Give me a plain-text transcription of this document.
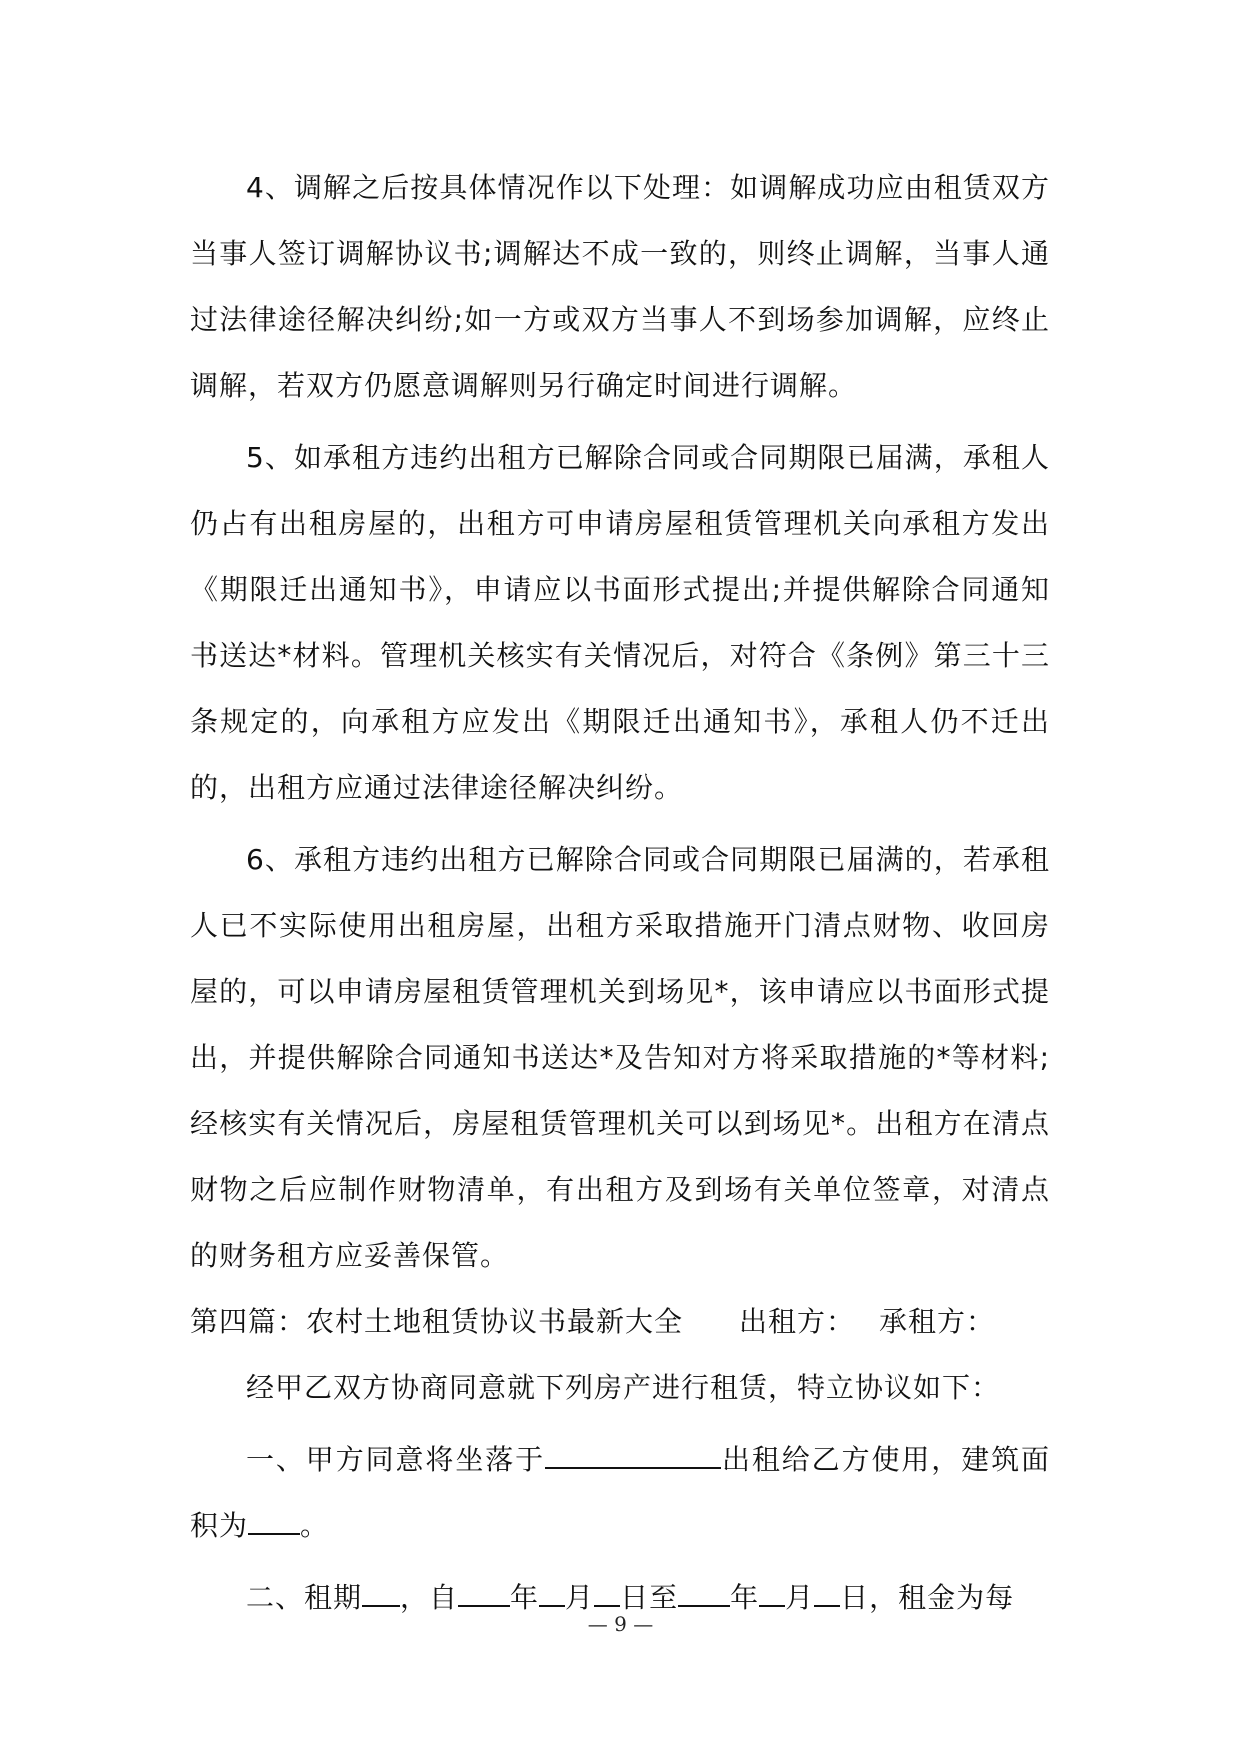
4、调解之后按具体情况作以下处理：如调解成功应由租赁双方当事人签订调解协议书;调解达不成一致的，则终止调解，当事人通过法律途径解决纠纷;如一方或双方当事人不到场参加调解，应终止调解，若双方仍愿意调解则另行确定时间进行调解。

5、如承租方违约出租方已解除合同或合同期限已届满，承租人仍占有出租房屋的，出租方可申请房屋租赁管理机关向承租方发出《期限迁出通知书》，申请应以书面形式提出;并提供解除合同通知书送达*材料。管理机关核实有关情况后，对符合《条例》第三十三条规定的，向承租方应发出《期限迁出通知书》，承租人仍不迁出的，出租方应通过法律途径解决纠纷。

6、承租方违约出租方已解除合同或合同期限已届满的，若承租人已不实际使用出租房屋，出租方采取措施开门清点财物、收回房屋的，可以申请房屋租赁管理机关到场见*，该申请应以书面形式提出，并提供解除合同通知书送达*及告知对方将采取措施的*等材料;经核实有关情况后，房屋租赁管理机关可以到场见*。出租方在清点财物之后应制作财物清单，有出租方及到场有关单位签章，对清点的财务租方应妥善保管。

第四篇：农村土地租赁协议书最新大全 出租方： 承租方：

经甲乙双方协商同意就下列房产进行租赁，特立协议如下：

一、甲方同意将坐落于	出租给乙方使用，建筑面积为 。

二、租期 ，自 年 月 日至 年 月 日，租金为每

— 9 —
